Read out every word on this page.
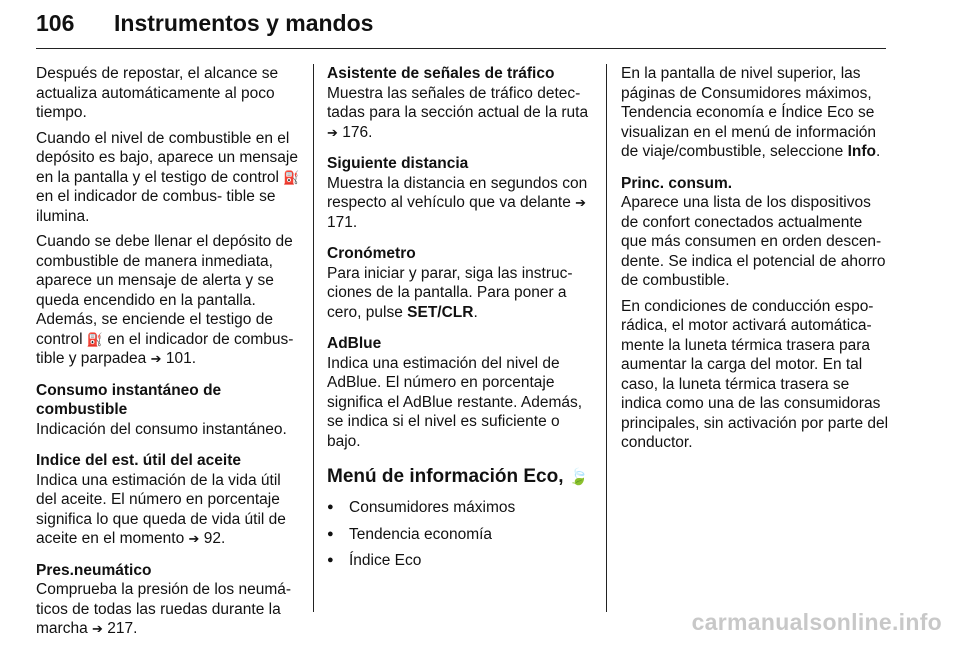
106 Instrumentos y mandos

Después de repostar, el alcance se actualiza automáticamente al poco tiempo.

Cuando el nivel de combustible en el depósito es bajo, aparece un mensaje en la pantalla y el testigo de control ⛽ en el indicador de combus- tible se ilumina.

Cuando se debe llenar el depósito de combustible de manera inmediata, aparece un mensaje de alerta y se queda encendido en la pantalla. Además, se enciende el testigo de control ⛽ en el indicador de combus- tible y parpadea ➔ 101.

Consumo instantáneo de combustible

Indicación del consumo instantáneo.

Indice del est. útil del aceite

Indica una estimación de la vida útil del aceite. El número en porcentaje significa lo que queda de vida útil de aceite en el momento ➔ 92.

Pres.neumático

Comprueba la presión de los neumá- ticos de todas las ruedas durante la marcha ➔ 217.

Asistente de señales de tráfico

Muestra las señales de tráfico detec- tadas para la sección actual de la ruta ➔ 176.

Siguiente distancia

Muestra la distancia en segundos con respecto al vehículo que va delante ➔ 171.

Cronómetro

Para iniciar y parar, siga las instruc- ciones de la pantalla. Para poner a cero, pulse SET/CLR.

AdBlue

Indica una estimación del nivel de AdBlue. El número en porcentaje significa el AdBlue restante. Además, se indica si el nivel es suficiente o bajo.

Menú de información Eco, 🍃
● Consumidores máximos
● Tendencia economía
● Índice Eco

En la pantalla de nivel superior, las páginas de Consumidores máximos, Tendencia economía e Índice Eco se visualizan en el menú de información de viaje/combustible, seleccione Info.

Princ. consum.

Aparece una lista de los dispositivos de confort conectados actualmente que más consumen en orden descen- dente. Se indica el potencial de ahorro de combustible.

En condiciones de conducción espo- rádica, el motor activará automática- mente la luneta térmica trasera para aumentar la carga del motor. En tal caso, la luneta térmica trasera se indica como una de las consumidoras principales, sin activación por parte del conductor.

carmanualsonline.info
